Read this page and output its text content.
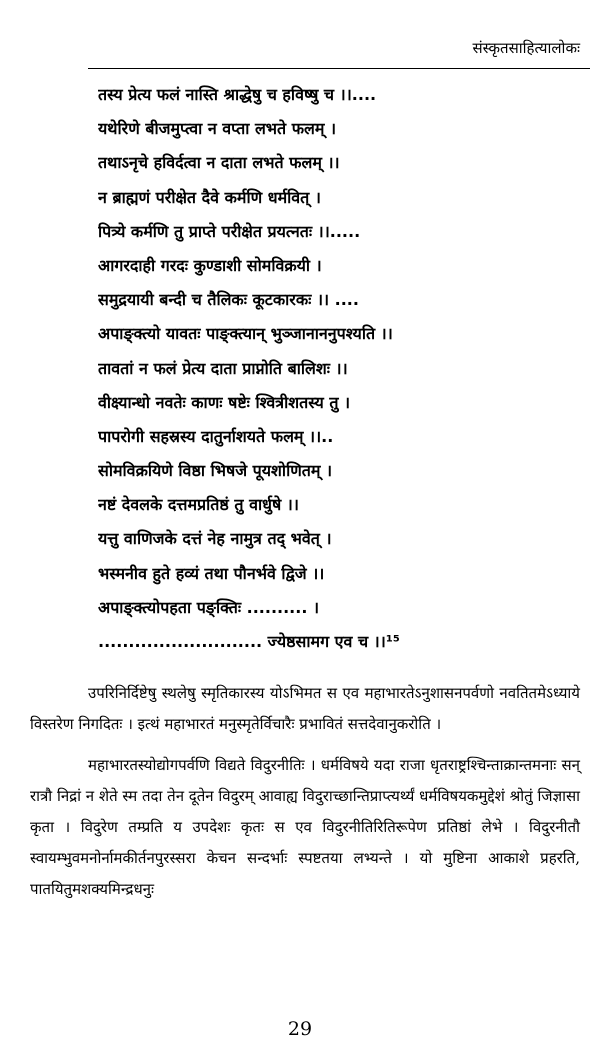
संस्कृतसाहित्यालोकः
तस्य प्रेत्य फलं नास्ति श्राद्धेषु च हविष्षु च ।।....
यथेरिणे बीजमुप्त्वा न वप्ता लभते फलम् ।
तथाऽनृचे हविर्दत्वा न दाता लभते फलम् ।।
न ब्राह्मणं परीक्षेत दैवे कर्मणि धर्मवित् ।
पित्र्ये कर्मणि तु प्राप्ते परीक्षेत प्रयत्नतः ।।.....
आगरदाही गरदः कुण्डाशी सोमविक्रयी ।
समुद्रयायी बन्दी च तैलिकः कूटकारकः ।। ....
अपाङ्क्त्यो यावतः पाङ्क्त्यान् भुञ्जानाननुपश्यति ।।
तावतां न फलं प्रेत्य दाता प्राप्नोति बालिशः ।।
वीक्ष्यान्धो नवतेः काणः षष्टेः श्वित्रीशतस्य तु ।
पापरोगी सहस्रस्य दातुर्नाशयते फलम् ।।..
सोमविक्रयिणे विष्ठा भिषजे पूयशोणितम् ।
नष्टं देवलके दत्तमप्रतिष्ठं तु वार्धुषे ।।
यत्तु वाणिजके दत्तं नेह नामुत्र तद् भवेत् ।
भस्मनीव हुते हव्यं तथा पौनर्भवे द्विजे ।।
अपाङ्क्त्योपहता पङ्क्तिः .......... ।
........................... ज्येष्ठसामग एव च ।।¹⁵

उपरिनिर्दिष्टेषु स्थलेषु स्मृतिकारस्य योऽभिमत स एव महाभारतेऽनुशासनपर्वणो नवतितमेऽध्याये विस्तरेण निगदितः । इत्थं महाभारतं मनुस्मृतेर्विचारैः प्रभावितं सत्तदेवानुकरोति ।

महाभारतस्योद्योगपर्वणि विद्यते विदुरनीतिः । धर्मविषये यदा राजा धृतराष्ट्रश्चिन्ताक्रान्तमनाः सन् रात्रौ निद्रां न शेते स्म तदा तेन दूतेन विदुरम् आवाह्य विदुराच्छान्तिप्राप्त्यर्थ्यं धर्मविषयकमुद्देशं श्रोतुं जिज्ञासा कृता । विदुरेण तम्प्रति य उपदेशः कृतः स एव विदुरनीतिरितिरूपेण प्रतिष्ठां लेभे । विदुरनीतौ स्वायम्भुवमनोर्नामकीर्तनपुरस्सरा केचन सन्दर्भाः स्पष्टतया लभ्यन्ते । यो मुष्टिना आकाशे प्रहरति, पातयितुमशक्यमिन्द्रधनुः

29
